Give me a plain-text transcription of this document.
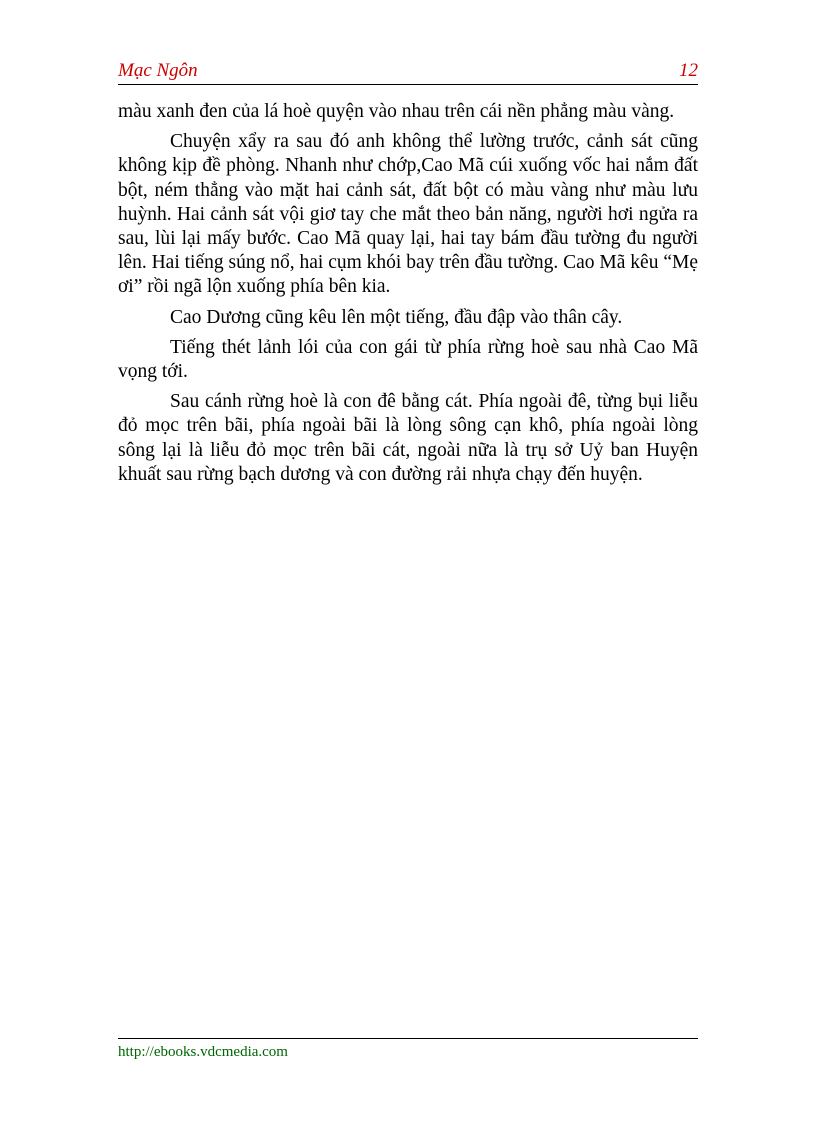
Mạc Ngôn	12

màu xanh đen của lá hoè quyện vào nhau trên cái nền phẳng màu vàng.

Chuyện xẩy ra sau đó anh không thể lường trước, cảnh sát cũng không kịp đề phòng. Nhanh như chớp,Cao Mã cúi xuống vốc hai nắm đất bột, ném thẳng vào mặt hai cảnh sát, đất bột có màu vàng như màu lưu huỳnh. Hai cảnh sát vội giơ tay che mắt theo bản năng, người hơi ngửa ra sau, lùi lại mấy bước. Cao Mã quay lại, hai tay bám đầu tường đu người lên. Hai tiếng súng nổ, hai cụm khói bay trên đầu tường. Cao Mã kêu “Mẹ ơi” rồi ngã lộn xuống phía bên kia.

Cao Dương cũng kêu lên một tiếng, đầu đập vào thân cây.

Tiếng thét lảnh lói của con gái từ phía rừng hoè sau nhà Cao Mã vọng tới.

Sau cánh rừng hoè là con đê bằng cát. Phía ngoài đê, từng bụi liễu đỏ mọc trên bãi, phía ngoài bãi là lòng sông cạn khô, phía ngoài lòng sông lại là liễu đỏ mọc trên bãi cát, ngoài nữa là trụ sở Uỷ ban Huyện khuất sau rừng bạch dương và con đường rải nhựa chạy đến huyện.

http://ebooks.vdcmedia.com
